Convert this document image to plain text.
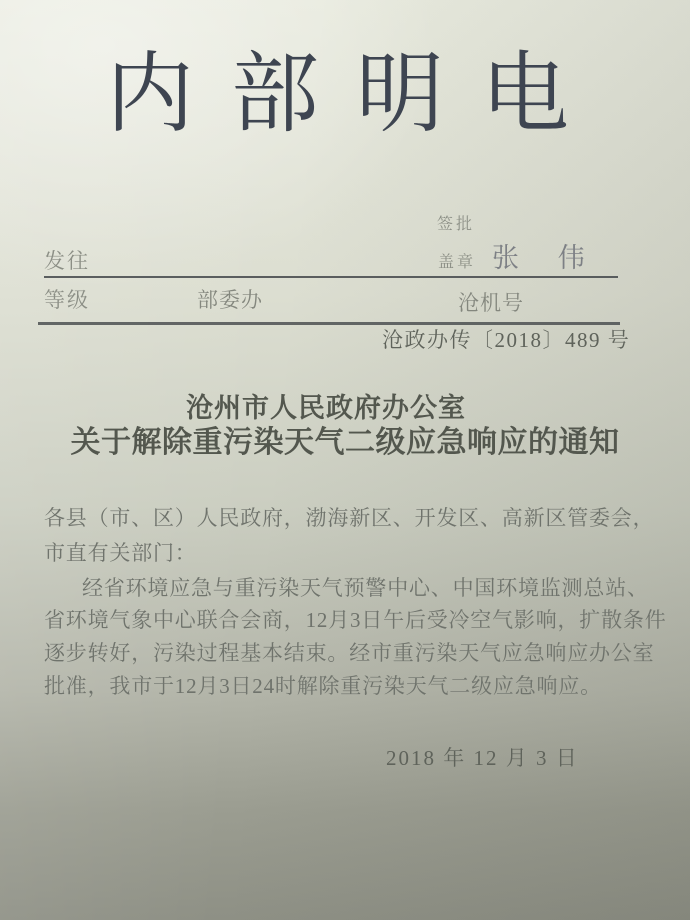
内部明电
签批
发往	盖章 张 伟
等级	部委办	沧机号
沧政办传〔2018〕489 号
沧州市人民政府办公室
关于解除重污染天气二级应急响应的通知
各县（市、区）人民政府，渤海新区、开发区、高新区管委会，
市直有关部门：
经省环境应急与重污染天气预警中心、中国环境监测总站、
省环境气象中心联合会商，12月3日午后受冷空气影响，扩散条件
逐步转好，污染过程基本结束。经市重污染天气应急响应办公室
批准，我市于12月3日24时解除重污染天气二级应急响应。
2018 年 12 月 3 日
